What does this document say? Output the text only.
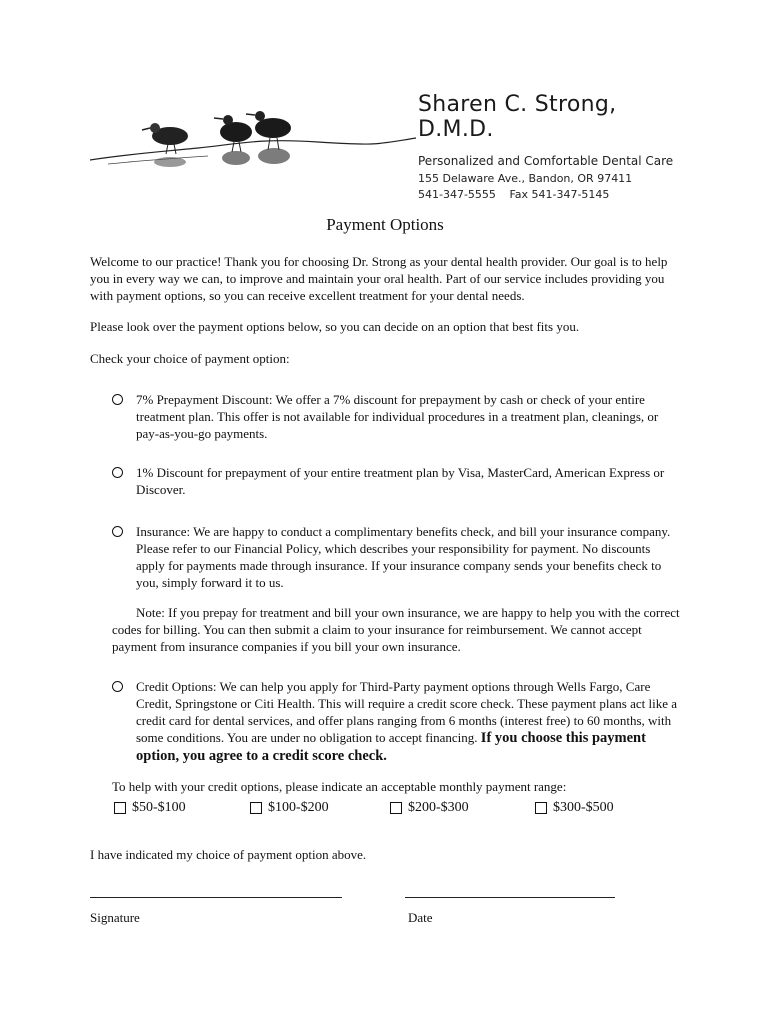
Sharen C. Strong, D.M.D.
Personalized and Comfortable Dental Care
155 Delaware Ave., Bandon, OR 97411
541-347-5555 Fax 541-347-5145
Payment Options
Welcome to our practice! Thank you for choosing Dr. Strong as your dental health provider. Our goal is to help you in every way we can, to improve and maintain your oral health. Part of our service includes providing you with payment options, so you can receive excellent treatment for your dental needs.
Please look over the payment options below, so you can decide on an option that best fits you.
Check your choice of payment option:
7% Prepayment Discount: We offer a 7% discount for prepayment by cash or check of your entire treatment plan. This offer is not available for individual procedures in a treatment plan, cleanings, or pay-as-you-go payments.
1% Discount for prepayment of your entire treatment plan by Visa, MasterCard, American Express or Discover.
Insurance: We are happy to conduct a complimentary benefits check, and bill your insurance company. Please refer to our Financial Policy, which describes your responsibility for payment. No discounts apply for payments made through insurance. If your insurance company sends your benefits check to you, simply forward it to us.
Note: If you prepay for treatment and bill your own insurance, we are happy to help you with the correct codes for billing. You can then submit a claim to your insurance for reimbursement. We cannot accept payment from insurance companies if you bill your own insurance.
Credit Options: We can help you apply for Third-Party payment options through Wells Fargo, Care Credit, Springstone or Citi Health. This will require a credit score check. These payment plans act like a credit card for dental services, and offer plans ranging from 6 months (interest free) to 60 months, with some conditions. You are under no obligation to accept financing. If you choose this payment option, you agree to a credit score check.
To help with your credit options, please indicate an acceptable monthly payment range:
$50-$100	$100-$200	$200-$300	$300-$500
I have indicated my choice of payment option above.
Signature	Date
